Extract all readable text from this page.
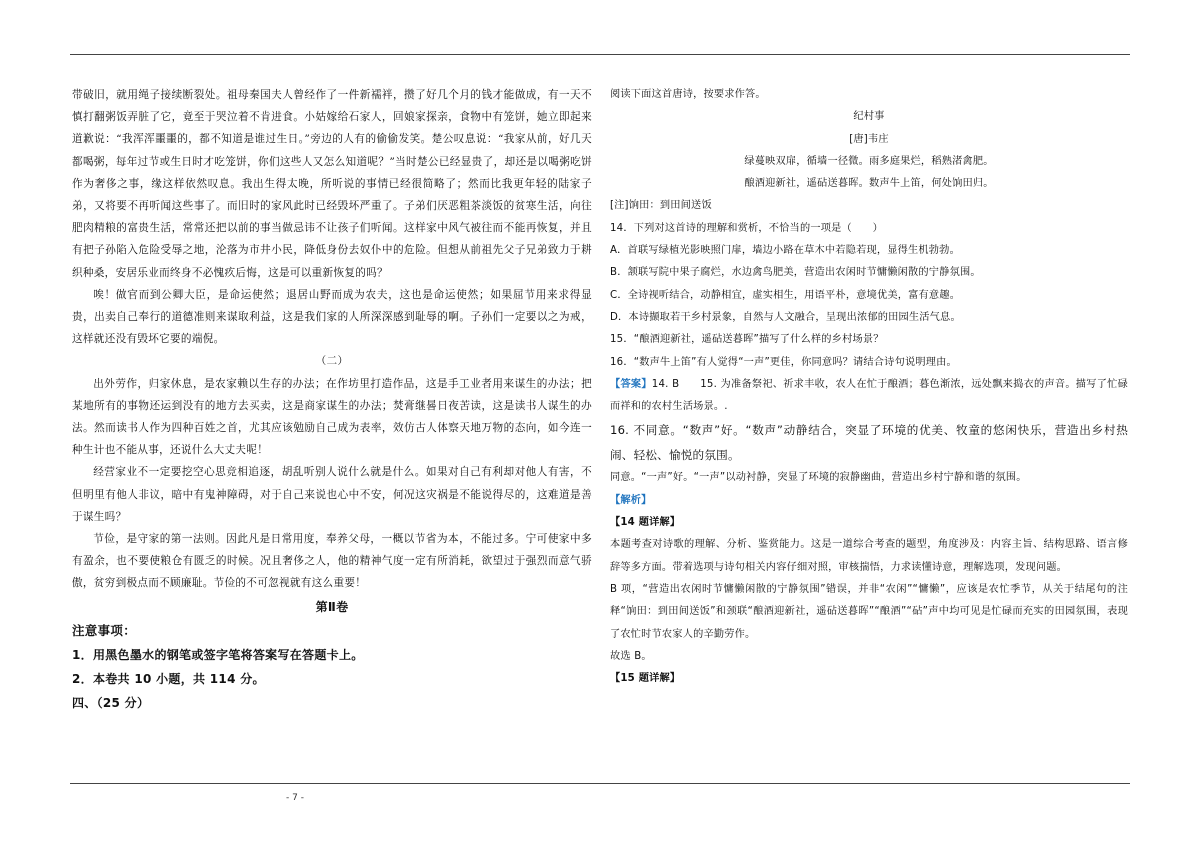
带破旧，就用绳子接续断裂处。祖母秦国夫人曾经作了一件新襦袢，攒了好几个月的钱才能做成，有一天不慎打翻粥饭弄脏了它，竟至于哭泣着不肯进食。小姑嫁给石家人，回娘家探亲，食物中有笼饼，她立即起来道歉说：“我浑浑噩噩的，都不知道是谁过生日。”旁边的人有的偷偷发笑。楚公叹息说：“我家从前，好几天都喝粥，每年过节或生日时才吃笼饼，你们这些人又怎么知道呢？”当时楚公已经显贵了，却还是以喝粥吃饼作为奢侈之事，缘这样依然叹息。我出生得太晚，所听说的事情已经很简略了；然而比我更年轻的陆家子弟，又将要不再听闻这些事了。而旧时的家风此时已经毁坏严重了。子弟们厌恶粗茶淡饭的贫寒生活，向往肥肉精粮的富贵生活，常常还把以前的事当做忌讳不让孩子们听闻。这样家中风气被往而不能再恢复，并且有把子孙陷入危险受辱之地，沦落为市井小民，降低身份去奴仆中的危险。但想从前祖先父子兄弟致力于耕织种桑，安居乐业而终身不必愧疚后悔，这是可以重新恢复的吗？

唉！做官而到公卿大臣，是命运使然；退居山野而成为农夫，这也是命运使然；如果屈节用来求得显贵，出卖自己奉行的道德准则来谋取利益，这是我们家的人所深深感到耻辱的啊。子孙们一定要以之为戒，这样就还没有毁坏它要的端倪。

（二）

出外劳作，归家休息，是农家赖以生存的办法；在作坊里打造作品，这是手工业者用来谋生的办法；把某地所有的事物还运到没有的地方去买卖，这是商家谋生的办法；焚膏继晷日夜苦读，这是读书人谋生的办法。然而读书人作为四种百姓之首，尤其应该勉励自己成为表率，效仿古人体察天地万物的态向，如今连一种生计也不能从事，还说什么大丈夫呢！

经营家业不一定要挖空心思竞相追逐，胡乱听别人说什么就是什么。如果对自己有利却对他人有害，不但明里有他人非议，暗中有鬼神障碍，对于自己来说也心中不安，何况这灾祸是不能说得尽的，这难道是善于谋生吗？

节俭，是守家的第一法则。因此凡是日常用度，奉养父母，一概以节省为本，不能过多。宁可使家中多有盈余，也不要使粮仓有匮乏的时候。况且奢侈之人，他的精神气度一定有所消耗，欲望过于强烈而意气骄傲，贫穷到极点而不顾廉耻。节俭的不可忽视就有这么重要！

第Ⅱ卷

注意事项：

1．用黑色墨水的钢笔或签字笔将答案写在答题卡上。

2．本卷共 10 小题，共 114 分。

四、（25 分）

阅读下面这首唐诗，按要求作答。

纪村事

[唐]韦庄

绿蔓映双扉，循墙一径微。雨多庭果烂，稻熟渚禽肥。

酿酒迎新社，遥砧送暮晖。数声牛上笛，何处饷田归。

[注]饷田：到田间送饭

14．下列对这首诗的理解和赏析，不恰当的一项是（　　）

A．首联写绿植光影映照门扉，墙边小路在草木中若隐若现，显得生机勃勃。

B．颔联写院中果子腐烂，水边禽鸟肥美，营造出农闲时节慵懒闲散的宁静氛围。

C．全诗视听结合，动静相宜，虚实相生，用语平朴，意境优美，富有意趣。

D．本诗撷取若干乡村景象，自然与人文融合，呈现出浓郁的田园生活气息。

15．“酿酒迎新社，遥砧送暮晖”描写了什么样的乡村场景？

16．“数声牛上笛”有人觉得“一声”更佳，你同意吗？请结合诗句说明理由。

【答案】14. B　　15. 为准备祭祀、祈求丰收，农人在忙于酿酒；暮色渐浓，远处飘来捣衣的声音。描写了忙碌而祥和的农村生活场景。.

16. 不同意。“数声”好。“数声”动静结合，突显了环境的优美、牧童的悠闲快乐，营造出乡村热闹、轻松、愉悦的氛围。

同意。“一声”好。“一声”以动衬静，突显了环境的寂静幽曲，营造出乡村宁静和谐的氛围。

【解析】

【14 题详解】

本题考查对诗歌的理解、分析、鉴赏能力。这是一道综合考查的题型，角度涉及：内容主旨、结构思路、语言修辞等多方面。带着选项与诗句相关内容仔细对照，审核揣悟，力求读懂诗意，理解选项，发现问题。

B 项，“营造出农闲时节慵懒闲散的宁静氛围”错误，并非“农闲”“慵懒”，应该是农忙季节，从关于结尾句的注释“饷田：到田间送饭”和颈联“酿酒迎新社，遥砧送暮晖”“酿酒”“砧”声中均可见是忙碌而充实的田园氛围，表现了农忙时节农家人的辛勤劳作。

故选 B。

【15 题详解】

- 7 -
